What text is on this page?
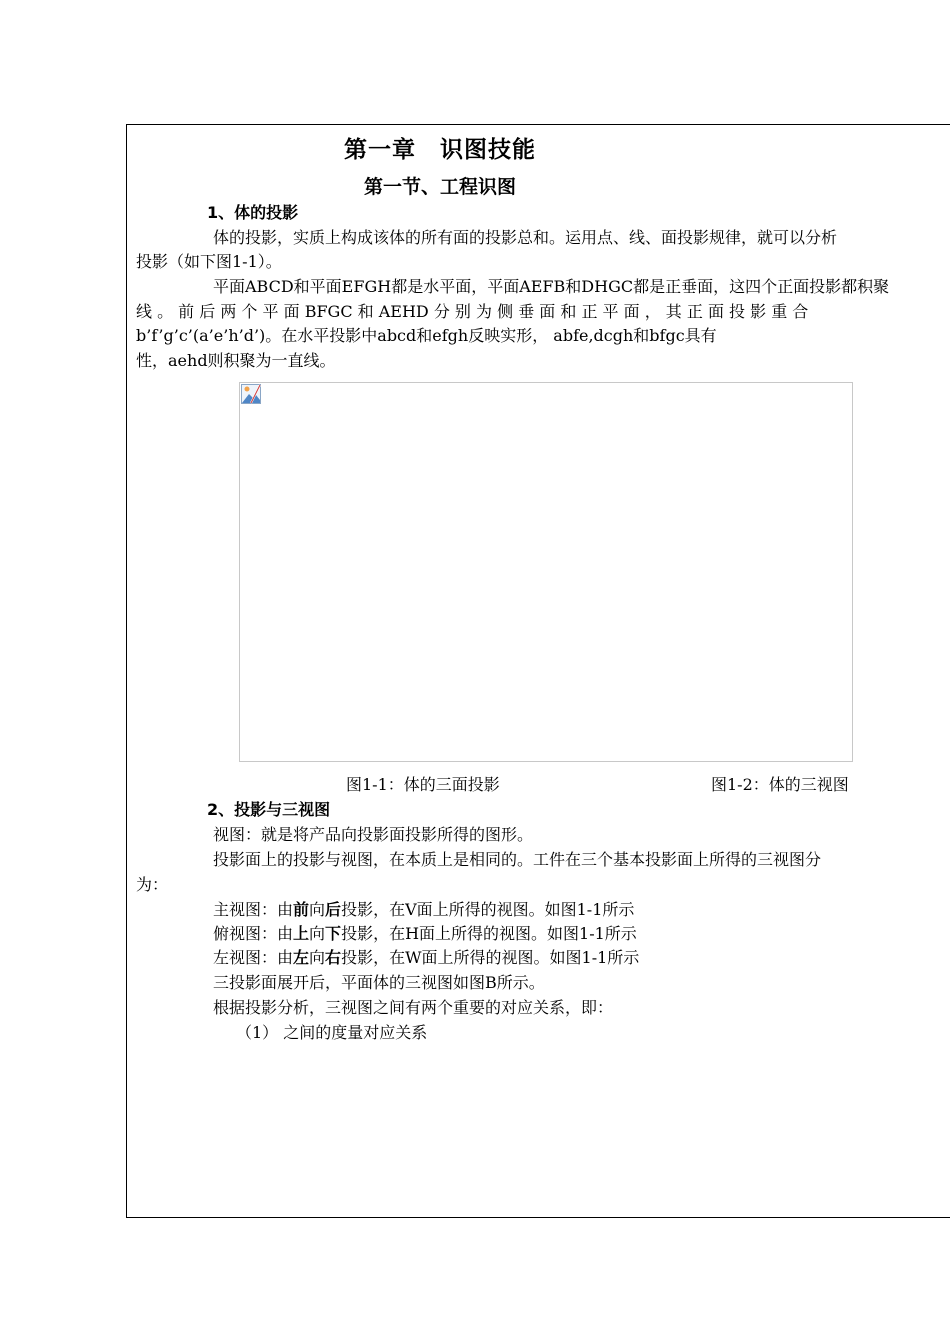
第一章　识图技能
第一节、工程识图
1、体的投影
体的投影，实质上构成该体的所有面的投影总和。运用点、线、面投影规律，就可以分析
投影（如下图1-1）。
平面ABCD和平面EFGH都是水平面，平面AEFB和DHGC都是正垂面，这四个正面投影都积聚
线 。 前 后 两 个 平 面 BFGC 和 AEHD 分 别 为 侧 垂 面 和 正 平 面 ， 其 正 面 投 影 重 合
b’f’g’c’(a’e’h’d’)。在水平投影中abcd和efgh反映实形， abfe,dcgh和bfgc具有
性，aehd则积聚为一直线。
图1-1：体的三面投影	图1-2：体的三视图
2、投影与三视图
视图：就是将产品向投影面投影所得的图形。
投影面上的投影与视图，在本质上是相同的。工件在三个基本投影面上所得的三视图分
为：
主视图：由前向后投影，在V面上所得的视图。如图1-1所示
俯视图：由上向下投影，在H面上所得的视图。如图1-1所示
左视图：由左向右投影，在W面上所得的视图。如图1-1所示
三投影面展开后，平面体的三视图如图B所示。
根据投影分析，三视图之间有两个重要的对应关系，即：
（1） 之间的度量对应关系
